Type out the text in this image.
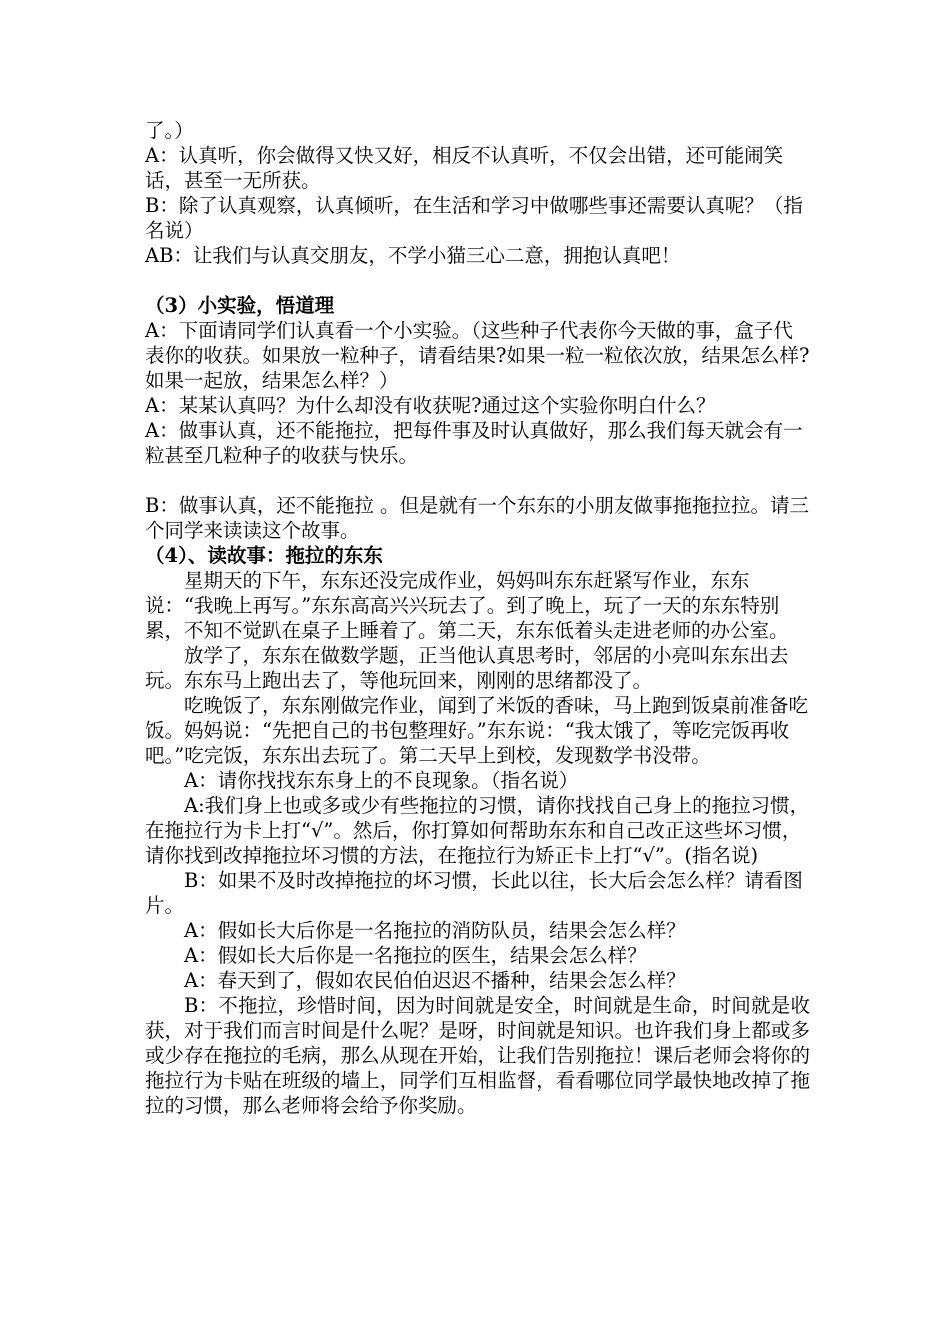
了。）

A：认真听，你会做得又快又好，相反不认真听，不仅会出错，还可能闹笑话，甚至一无所获。

B：除了认真观察，认真倾听，在生活和学习中做哪些事还需要认真呢？（指名说）

AB：让我们与认真交朋友，不学小猫三心二意，拥抱认真吧！

（3）小实验，悟道理

A：下面请同学们认真看一个小实验。（这些种子代表你今天做的事，盒子代表你的收获。如果放一粒种子，请看结果?如果一粒一粒依次放，结果怎么样?如果一起放，结果怎么样？）

A：某某认真吗？为什么却没有收获呢?通过这个实验你明白什么？

A：做事认真，还不能拖拉，把每件事及时认真做好，那么我们每天就会有一粒甚至几粒种子的收获与快乐。

B：做事认真，还不能拖拉 。但是就有一个东东的小朋友做事拖拖拉拉。请三个同学来读读这个故事。

（4）、读故事：拖拉的东东

星期天的下午，东东还没完成作业，妈妈叫东东赶紧写作业，东东说：“我晚上再写。”东东高高兴兴玩去了。到了晚上，玩了一天的东东特别累，不知不觉趴在桌子上睡着了。第二天，东东低着头走进老师的办公室。

放学了，东东在做数学题，正当他认真思考时，邻居的小亮叫东东出去玩。东东马上跑出去了，等他玩回来，刚刚的思绪都没了。

吃晚饭了，东东刚做完作业，闻到了米饭的香味，马上跑到饭桌前准备吃饭。妈妈说：“先把自己的书包整理好。”东东说：“我太饿了，等吃完饭再收吧。”吃完饭，东东出去玩了。第二天早上到校，发现数学书没带。

A：请你找找东东身上的不良现象。（指名说）

A:我们身上也或多或少有些拖拉的习惯，请你找找自己身上的拖拉习惯，在拖拉行为卡上打“√”。然后，你打算如何帮助东东和自己改正这些坏习惯，请你找到改掉拖拉坏习惯的方法，在拖拉行为矫正卡上打“√”。(指名说)

B：如果不及时改掉拖拉的坏习惯，长此以往，长大后会怎么样？请看图片。

A：假如长大后你是一名拖拉的消防队员，结果会怎么样？

A：假如长大后你是一名拖拉的医生，结果会怎么样？

A：春天到了，假如农民伯伯迟迟不播种，结果会怎么样？

B：不拖拉，珍惜时间，因为时间就是安全，时间就是生命，时间就是收获，对于我们而言时间是什么呢？是呀，时间就是知识。也许我们身上都或多或少存在拖拉的毛病，那么从现在开始，让我们告别拖拉！课后老师会将你的拖拉行为卡贴在班级的墙上，同学们互相监督，看看哪位同学最快地改掉了拖拉的习惯，那么老师将会给予你奖励。
